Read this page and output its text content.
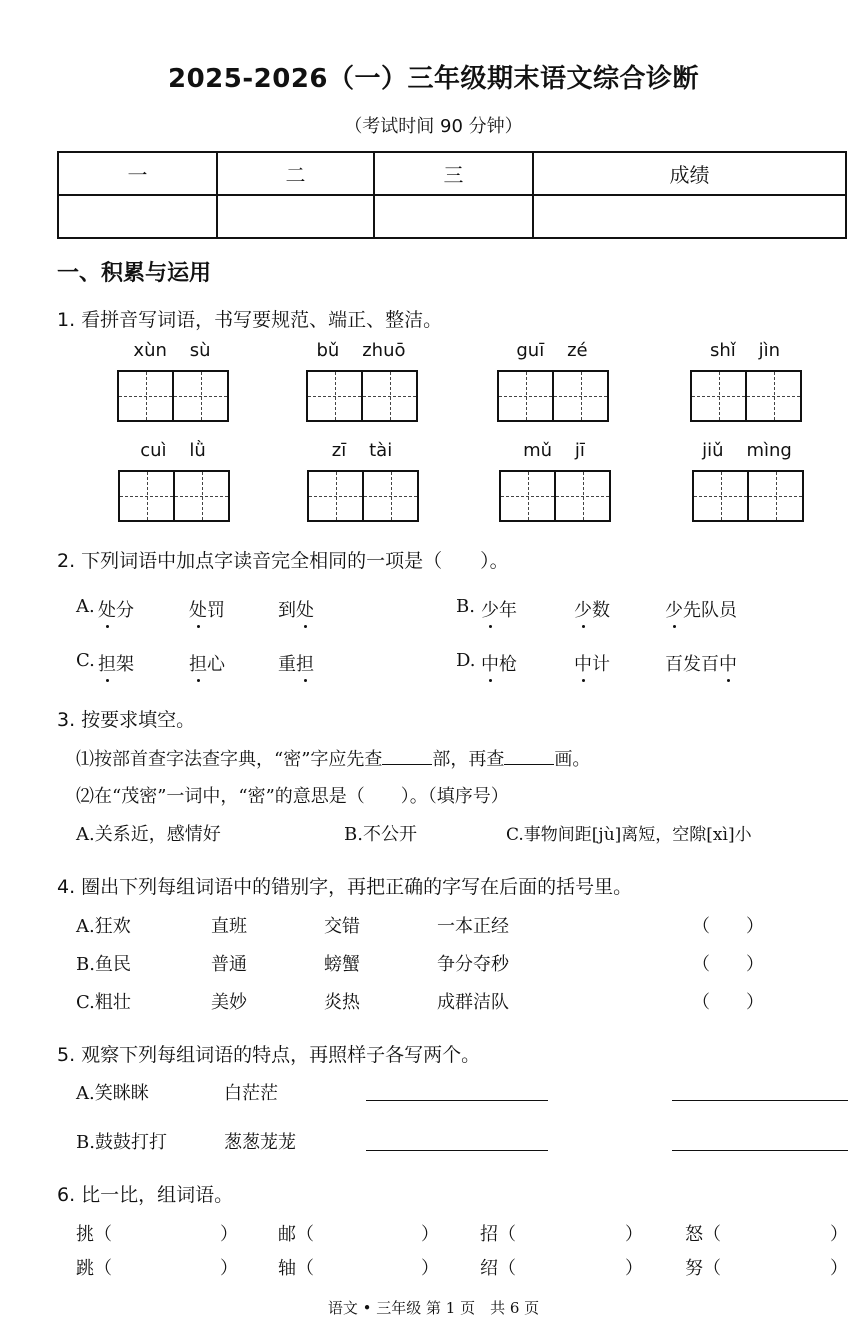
2025-2026（一）三年级期末语文综合诊断
（考试时间 90 分钟）
一	二	三	成绩

一、积累与运用
1. 看拼音写词语，书写要规范、端正、整洁。
xùn sù	bǔ zhuō	guī zé	shǐ jìn
cuì lǜ	zī tài	mǔ jī	jiǔ mìng
2. 下列词语中加点字读音完全相同的一项是（　　）。
A. 处分	处罚	到处	B. 少年	少数	少先队员
C. 担架	担心	重担	D. 中枪	中计	百发百中
3. 按要求填空。
⑴按部首查字法查字典，“密”字应先查	部，再查	画。
⑵在“茂密”一词中，“密”的意思是（　　）。（填序号）
A.关系近，感情好	B.不公开	C.事物间距[jù]离短，空隙[xì]小
4. 圈出下列每组词语中的错别字，再把正确的字写在后面的括号里。
A.狂欢	直班	交错	一本正经	（　　）
B.鱼民	普通	螃蟹	争分夺秒	（　　）
C.粗壮	美妙	炎热	成群洁队	（　　）
5. 观察下列每组词语的特点，再照样子各写两个。
A.笑眯眯	白茫茫
B.鼓鼓打打	葱葱茏茏
6. 比一比，组词语。
挑（	） 邮（	） 招（	） 怒（	）
跳（	） 轴（	） 绍（	） 努（	）
语文 • 三年级 第 1 页　共 6 页
